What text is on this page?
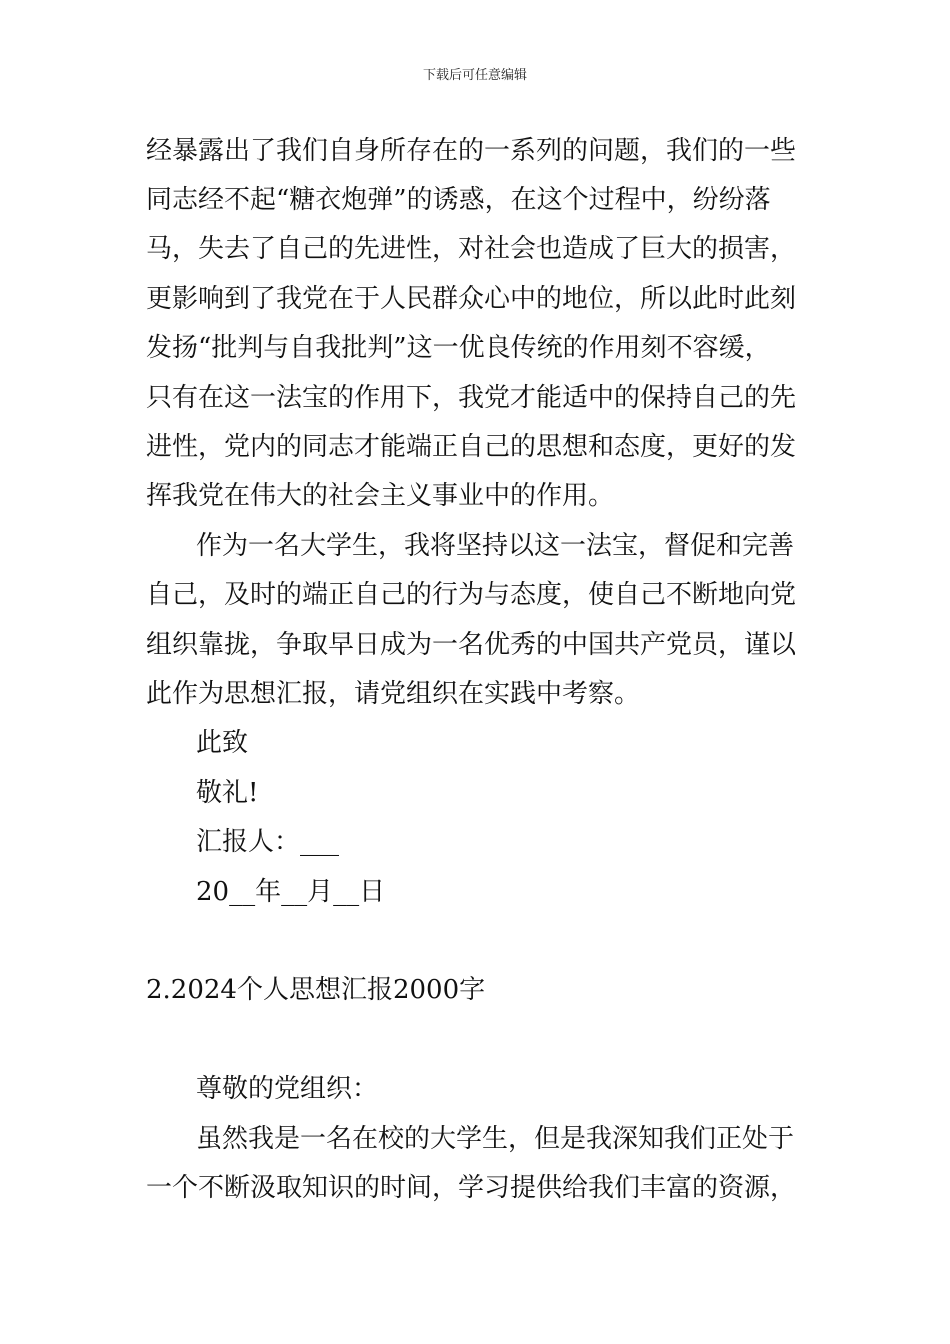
下载后可任意编辑
经暴露出了我们自身所存在的一系列的问题，我们的一些
同志经不起“糖衣炮弹”的诱惑，在这个过程中，纷纷落
马，失去了自己的先进性，对社会也造成了巨大的损害，
更影响到了我党在于人民群众心中的地位，所以此时此刻
发扬“批判与自我批判”这一优良传统的作用刻不容缓，
只有在这一法宝的作用下，我党才能适中的保持自己的先
进性，党内的同志才能端正自己的思想和态度，更好的发
挥我党在伟大的社会主义事业中的作用。
作为一名大学生，我将坚持以这一法宝，督促和完善
自己，及时的端正自己的行为与态度，使自己不断地向党
组织靠拢，争取早日成为一名优秀的中国共产党员，谨以
此作为思想汇报，请党组织在实践中考察。
此致
敬礼!
汇报人：___
20__年__月__日
2.2024个人思想汇报2000字
尊敬的党组织：
虽然我是一名在校的大学生，但是我深知我们正处于
一个不断汲取知识的时间，学习提供给我们丰富的资源，
